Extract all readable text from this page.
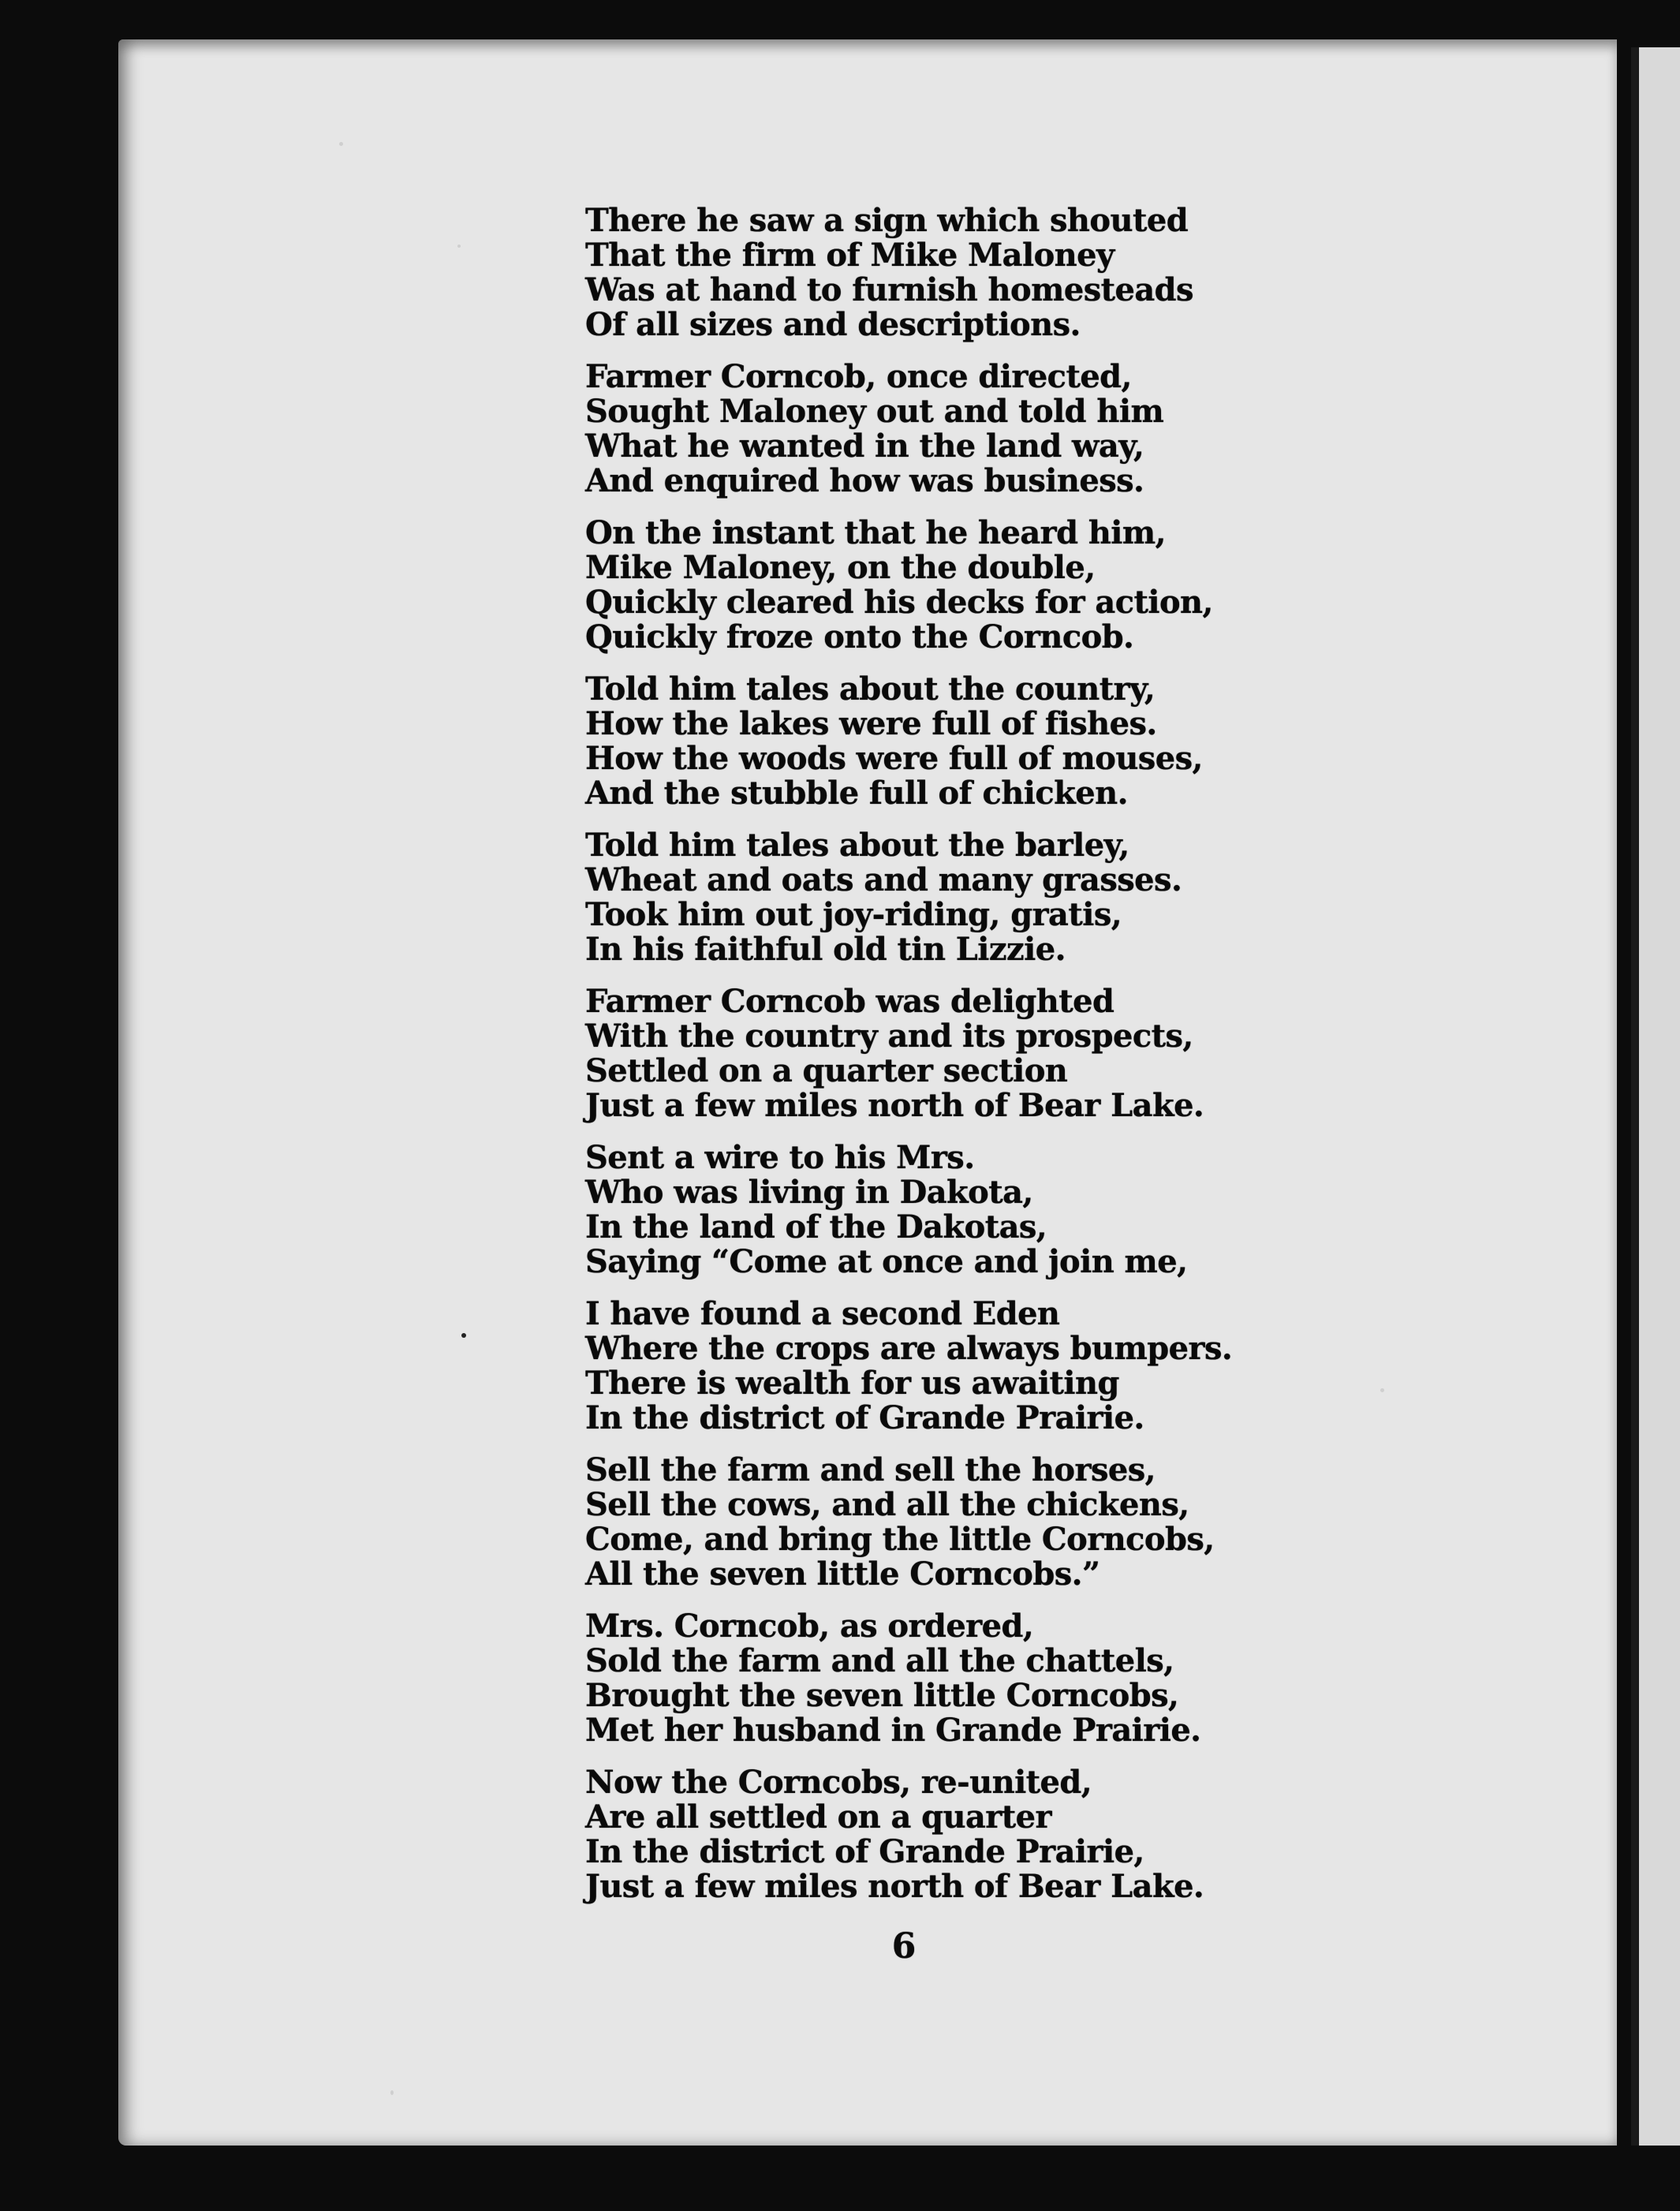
There he saw a sign which shouted
That the firm of Mike Maloney
Was at hand to furnish homesteads
Of all sizes and descriptions.
Farmer Corncob, once directed,
Sought Maloney out and told him
What he wanted in the land way,
And enquired how was business.
On the instant that he heard him,
Mike Maloney, on the double,
Quickly cleared his decks for action,
Quickly froze onto the Corncob.
Told him tales about the country,
How the lakes were full of fishes.
How the woods were full of mouses,
And the stubble full of chicken.
Told him tales about the barley,
Wheat and oats and many grasses.
Took him out joy-riding, gratis,
In his faithful old tin Lizzie.
Farmer Corncob was delighted
With the country and its prospects,
Settled on a quarter section
Just a few miles north of Bear Lake.
Sent a wire to his Mrs.
Who was living in Dakota,
In the land of the Dakotas,
Saying “Come at once and join me,
I have found a second Eden
Where the crops are always bumpers.
There is wealth for us awaiting
In the district of Grande Prairie.
Sell the farm and sell the horses,
Sell the cows, and all the chickens,
Come, and bring the little Corncobs,
All the seven little Corncobs.”
Mrs. Corncob, as ordered,
Sold the farm and all the chattels,
Brought the seven little Corncobs,
Met her husband in Grande Prairie.
Now the Corncobs, re-united,
Are all settled on a quarter
In the district of Grande Prairie,
Just a few miles north of Bear Lake.
6
